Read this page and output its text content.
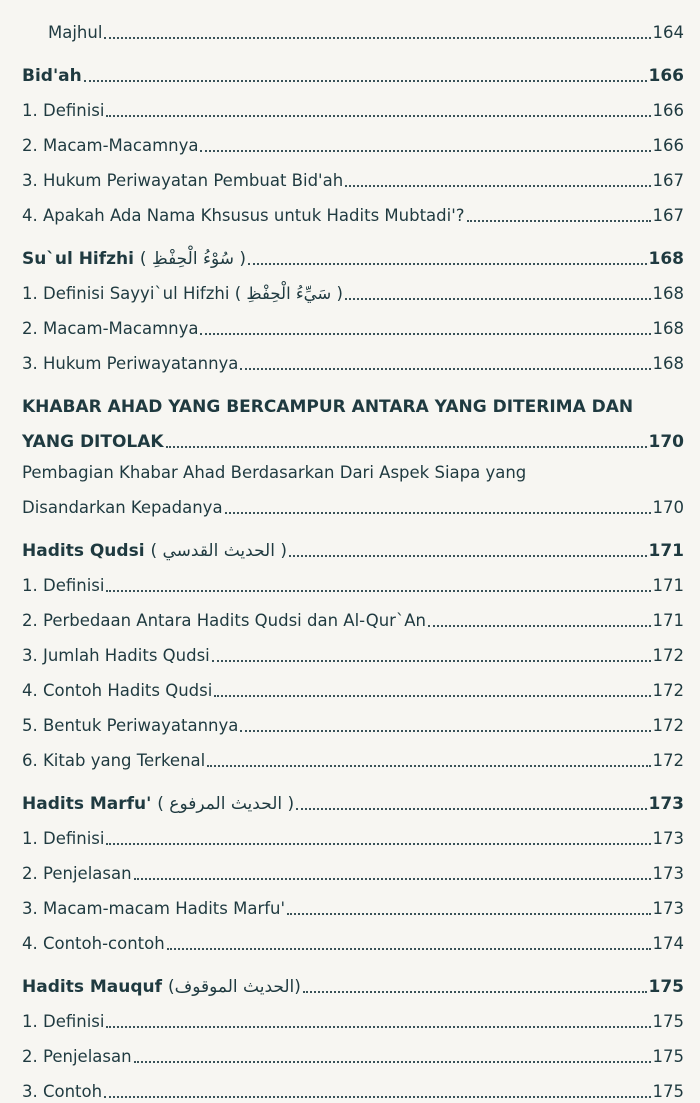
Majhul	164
Bid'ah	166
1. Definisi	166
2. Macam-Macamnya	166
3. Hukum Periwayatan Pembuat Bid'ah	167
4. Apakah Ada Nama Khsusus untuk Hadits Mubtadi'?	167
Su`ul Hifzhi ( سُوْءُ الْحِفْظِ )	168
1. Definisi Sayyi`ul Hifzhi ( سَيِّءُ الْحِفْظِ )	168
2. Macam-Macamnya	168
3. Hukum Periwayatannya	168
KHABAR AHAD YANG BERCAMPUR ANTARA YANG DITERIMA DAN
YANG DITOLAK	170
Pembagian Khabar Ahad Berdasarkan Dari Aspek Siapa yang
Disandarkan Kepadanya	170
Hadits Qudsi ( الحديث القدسي )	171
1. Definisi	171
2. Perbedaan Antara Hadits Qudsi dan Al-Qur`An	171
3. Jumlah Hadits Qudsi	172
4. Contoh Hadits Qudsi	172
5. Bentuk Periwayatannya	172
6. Kitab yang Terkenal	172
Hadits Marfu' ( الحديث المرفوع )	173
1. Definisi	173
2. Penjelasan	173
3. Macam-macam Hadits Marfu'	173
4. Contoh-contoh	174
Hadits Mauquf (الحديث الموقوف)	175
1. Definisi	175
2. Penjelasan	175
3. Contoh	175
